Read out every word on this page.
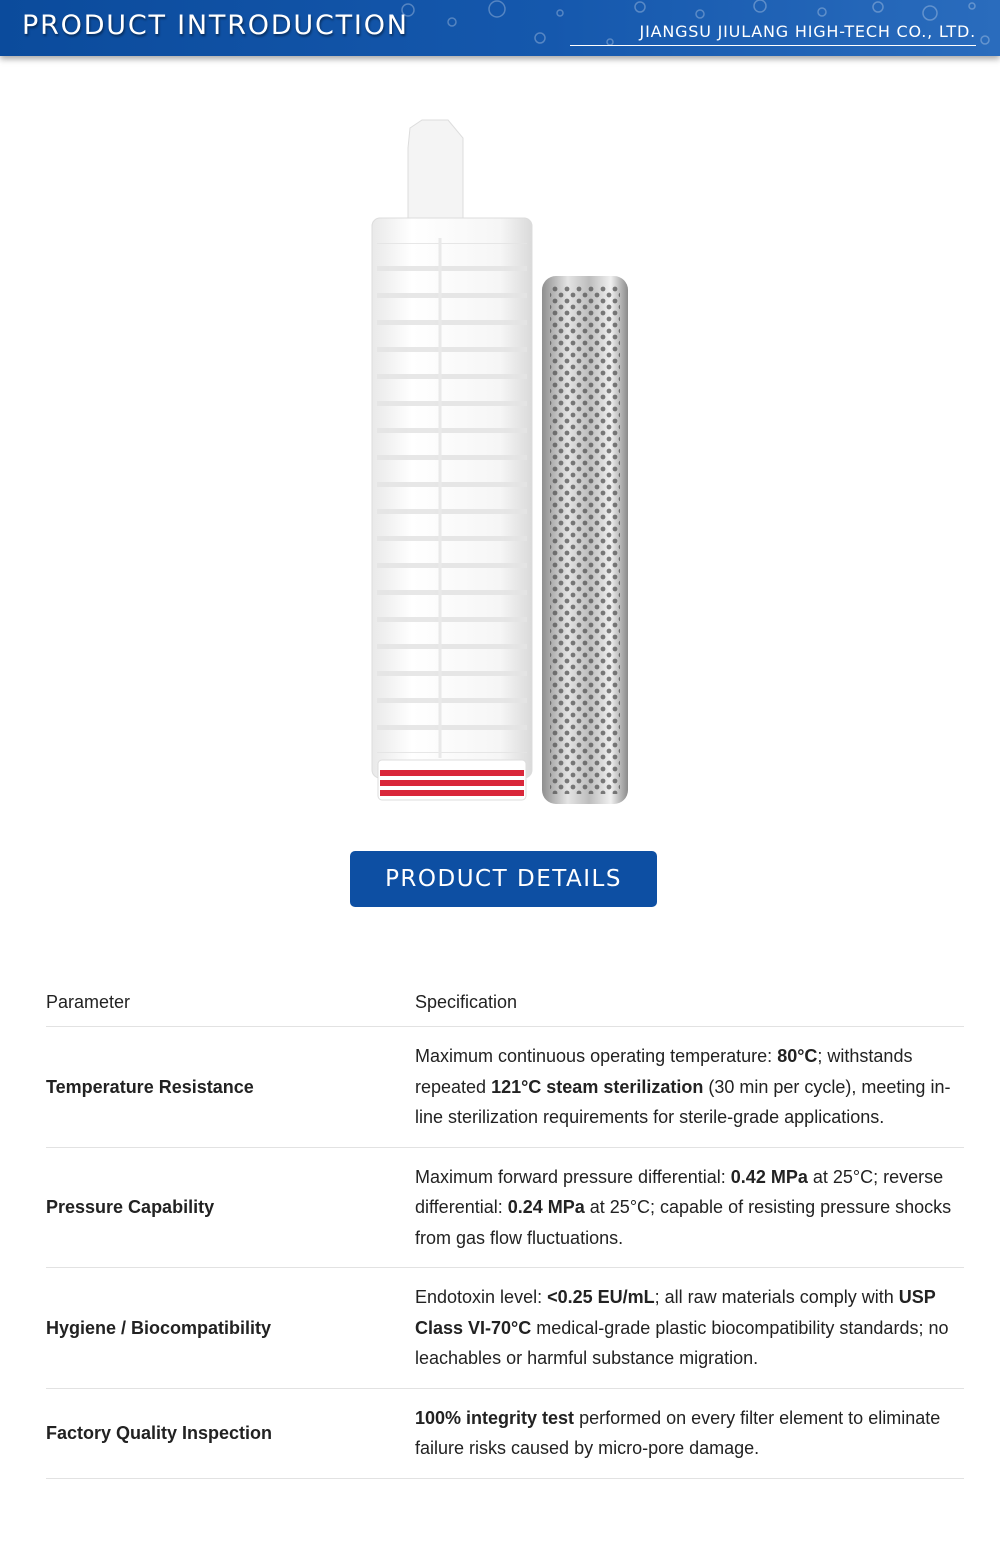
PRODUCT INTRODUCTION	JIANGSU JIULANG HIGH-TECH CO., LTD.
PRODUCT DETAILS
Parameter	Specification
Temperature Resistance	Maximum continuous operating temperature: 80°C; withstands repeated 121°C steam sterilization (30 min per cycle), meeting in-line sterilization requirements for sterile-grade applications.
Pressure Capability	Maximum forward pressure differential: 0.42 MPa at 25°C; reverse differential: 0.24 MPa at 25°C; capable of resisting pressure shocks from gas flow fluctuations.
Hygiene / Biocompatibility	Endotoxin level: <0.25 EU/mL; all raw materials comply with USP Class VI-70°C medical-grade plastic biocompatibility standards; no leachables or harmful substance migration.
Factory Quality Inspection	100% integrity test performed on every filter element to eliminate failure risks caused by micro-pore damage.
